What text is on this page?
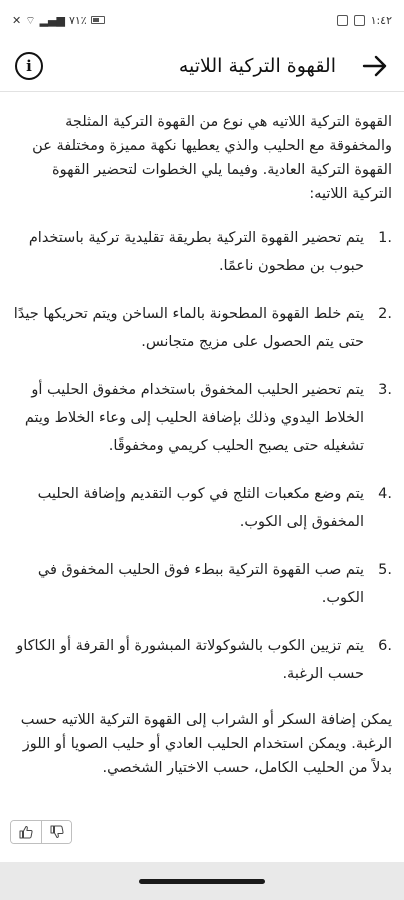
✕ ⌔ ▂▄▆ ٧١٪	١:٤٢
i	القهوة التركية اللاتيه

القهوة التركية اللاتيه هي نوع من القهوة التركية المثلجة والمخفوقة مع الحليب والذي يعطيها نكهة مميزة ومختلفة عن القهوة التركية العادية. وفيما يلي الخطوات لتحضير القهوة التركية اللاتيه:

1.
يتم تحضير القهوة التركية بطريقة تقليدية تركية باستخدام حبوب بن مطحون ناعمًا.
2.
يتم خلط القهوة المطحونة بالماء الساخن ويتم تحريكها جيدًا حتى يتم الحصول على مزيج متجانس.
3.
يتم تحضير الحليب المخفوق باستخدام مخفوق الحليب أو الخلاط اليدوي وذلك بإضافة الحليب إلى وعاء الخلاط ويتم تشغيله حتى يصبح الحليب كريمي ومخفوقًا.
4.
يتم وضع مكعبات الثلج في كوب التقديم وإضافة الحليب المخفوق إلى الكوب.
5.
يتم صب القهوة التركية ببطء فوق الحليب المخفوق في الكوب.
6.
يتم تزيين الكوب بالشوكولاتة المبشورة أو القرفة أو الكاكاو حسب الرغبة.

يمكن إضافة السكر أو الشراب إلى القهوة التركية اللاتيه حسب الرغبة. ويمكن استخدام الحليب العادي أو حليب الصويا أو اللوز بدلاً من الحليب الكامل، حسب الاختيار الشخصي.
